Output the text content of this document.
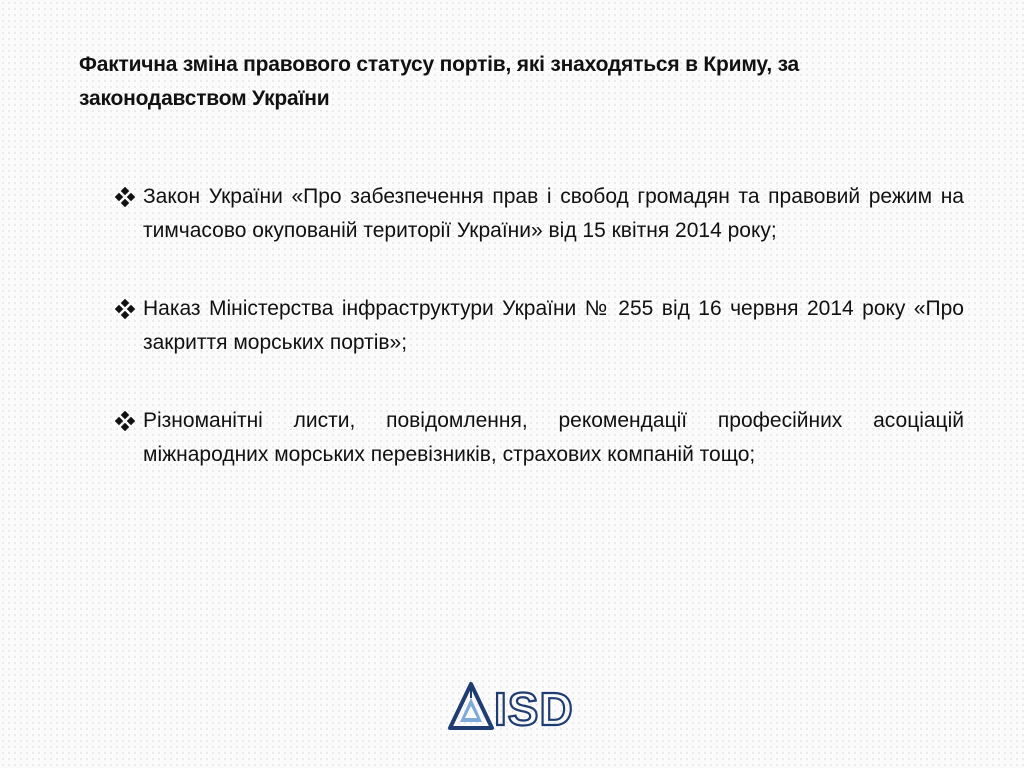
Фактична зміна правового статусу портів, які знаходяться в Криму, за законодавством України
Закон України «Про забезпечення прав і свобод громадян та правовий режим на тимчасово окупованій території України» від 15 квітня 2014 року;
Наказ Міністерства інфраструктури України № 255 від 16 червня 2014 року «Про закриття морських портів»;
Різноманітні листи, повідомлення, рекомендації професійних асоціацій міжнародних морських перевізників, страхових компаній тощо;
ISD
